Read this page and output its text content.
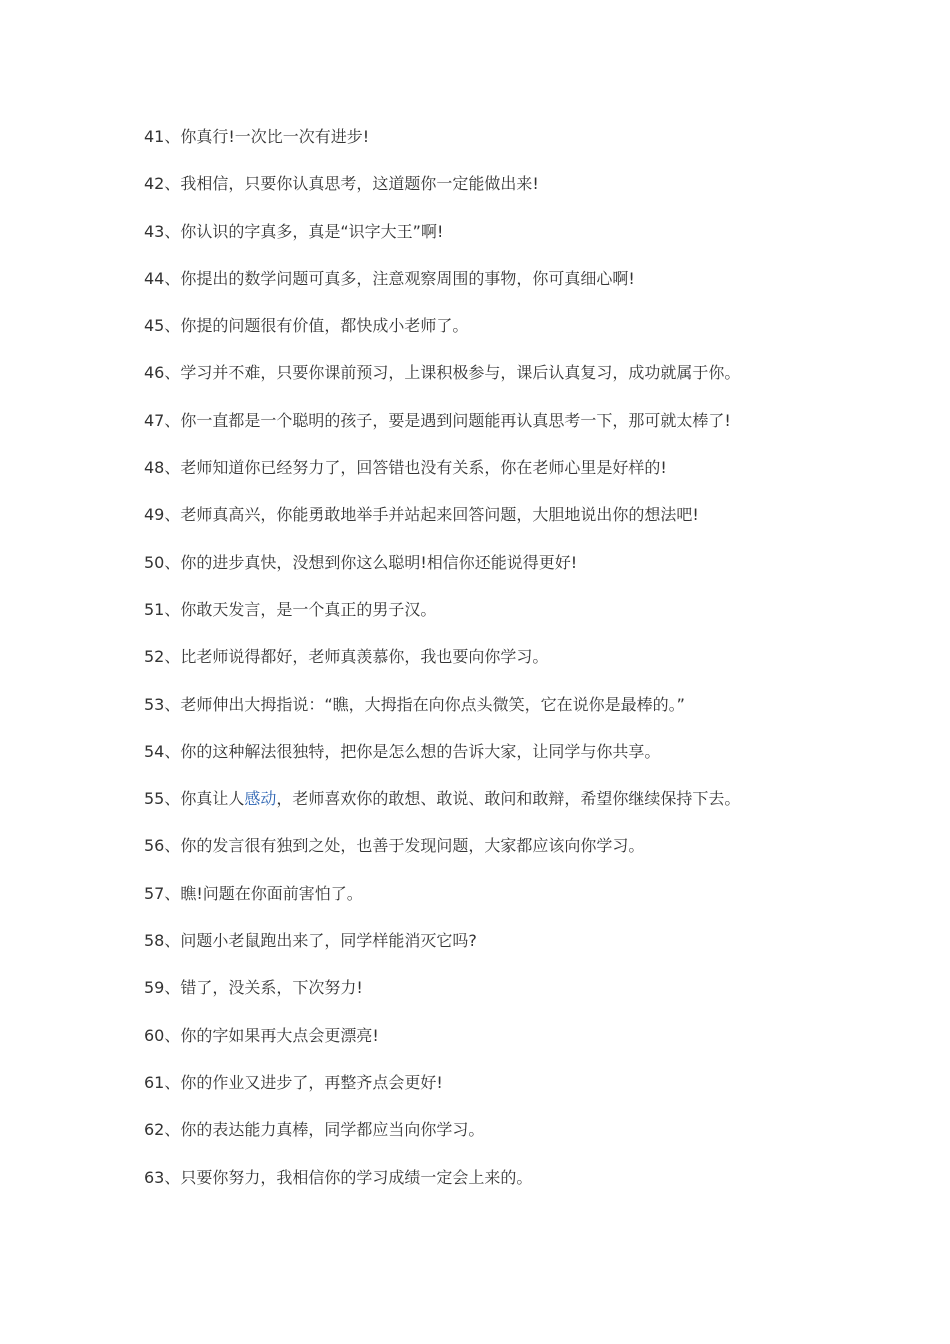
41、你真行!一次比一次有进步!
42、我相信，只要你认真思考，这道题你一定能做出来!
43、你认识的字真多，真是“识字大王”啊!
44、你提出的数学问题可真多，注意观察周围的事物，你可真细心啊!
45、你提的问题很有价值，都快成小老师了。
46、学习并不难，只要你课前预习，上课积极参与，课后认真复习，成功就属于你。
47、你一直都是一个聪明的孩子，要是遇到问题能再认真思考一下，那可就太棒了!
48、老师知道你已经努力了，回答错也没有关系，你在老师心里是好样的!
49、老师真高兴，你能勇敢地举手并站起来回答问题，大胆地说出你的想法吧!
50、你的进步真快，没想到你这么聪明!相信你还能说得更好!
51、你敢天发言，是一个真正的男子汉。
52、比老师说得都好，老师真羡慕你，我也要向你学习。
53、老师伸出大拇指说：“瞧，大拇指在向你点头微笑，它在说你是最棒的。”
54、你的这种解法很独特，把你是怎么想的告诉大家，让同学与你共享。
55、你真让人感动，老师喜欢你的敢想、敢说、敢问和敢辩，希望你继续保持下去。
56、你的发言很有独到之处，也善于发现问题，大家都应该向你学习。
57、瞧!问题在你面前害怕了。
58、问题小老鼠跑出来了，同学样能消灭它吗?
59、错了，没关系，下次努力!
60、你的字如果再大点会更漂亮!
61、你的作业又进步了，再整齐点会更好!
62、你的表达能力真棒，同学都应当向你学习。
63、只要你努力，我相信你的学习成绩一定会上来的。
